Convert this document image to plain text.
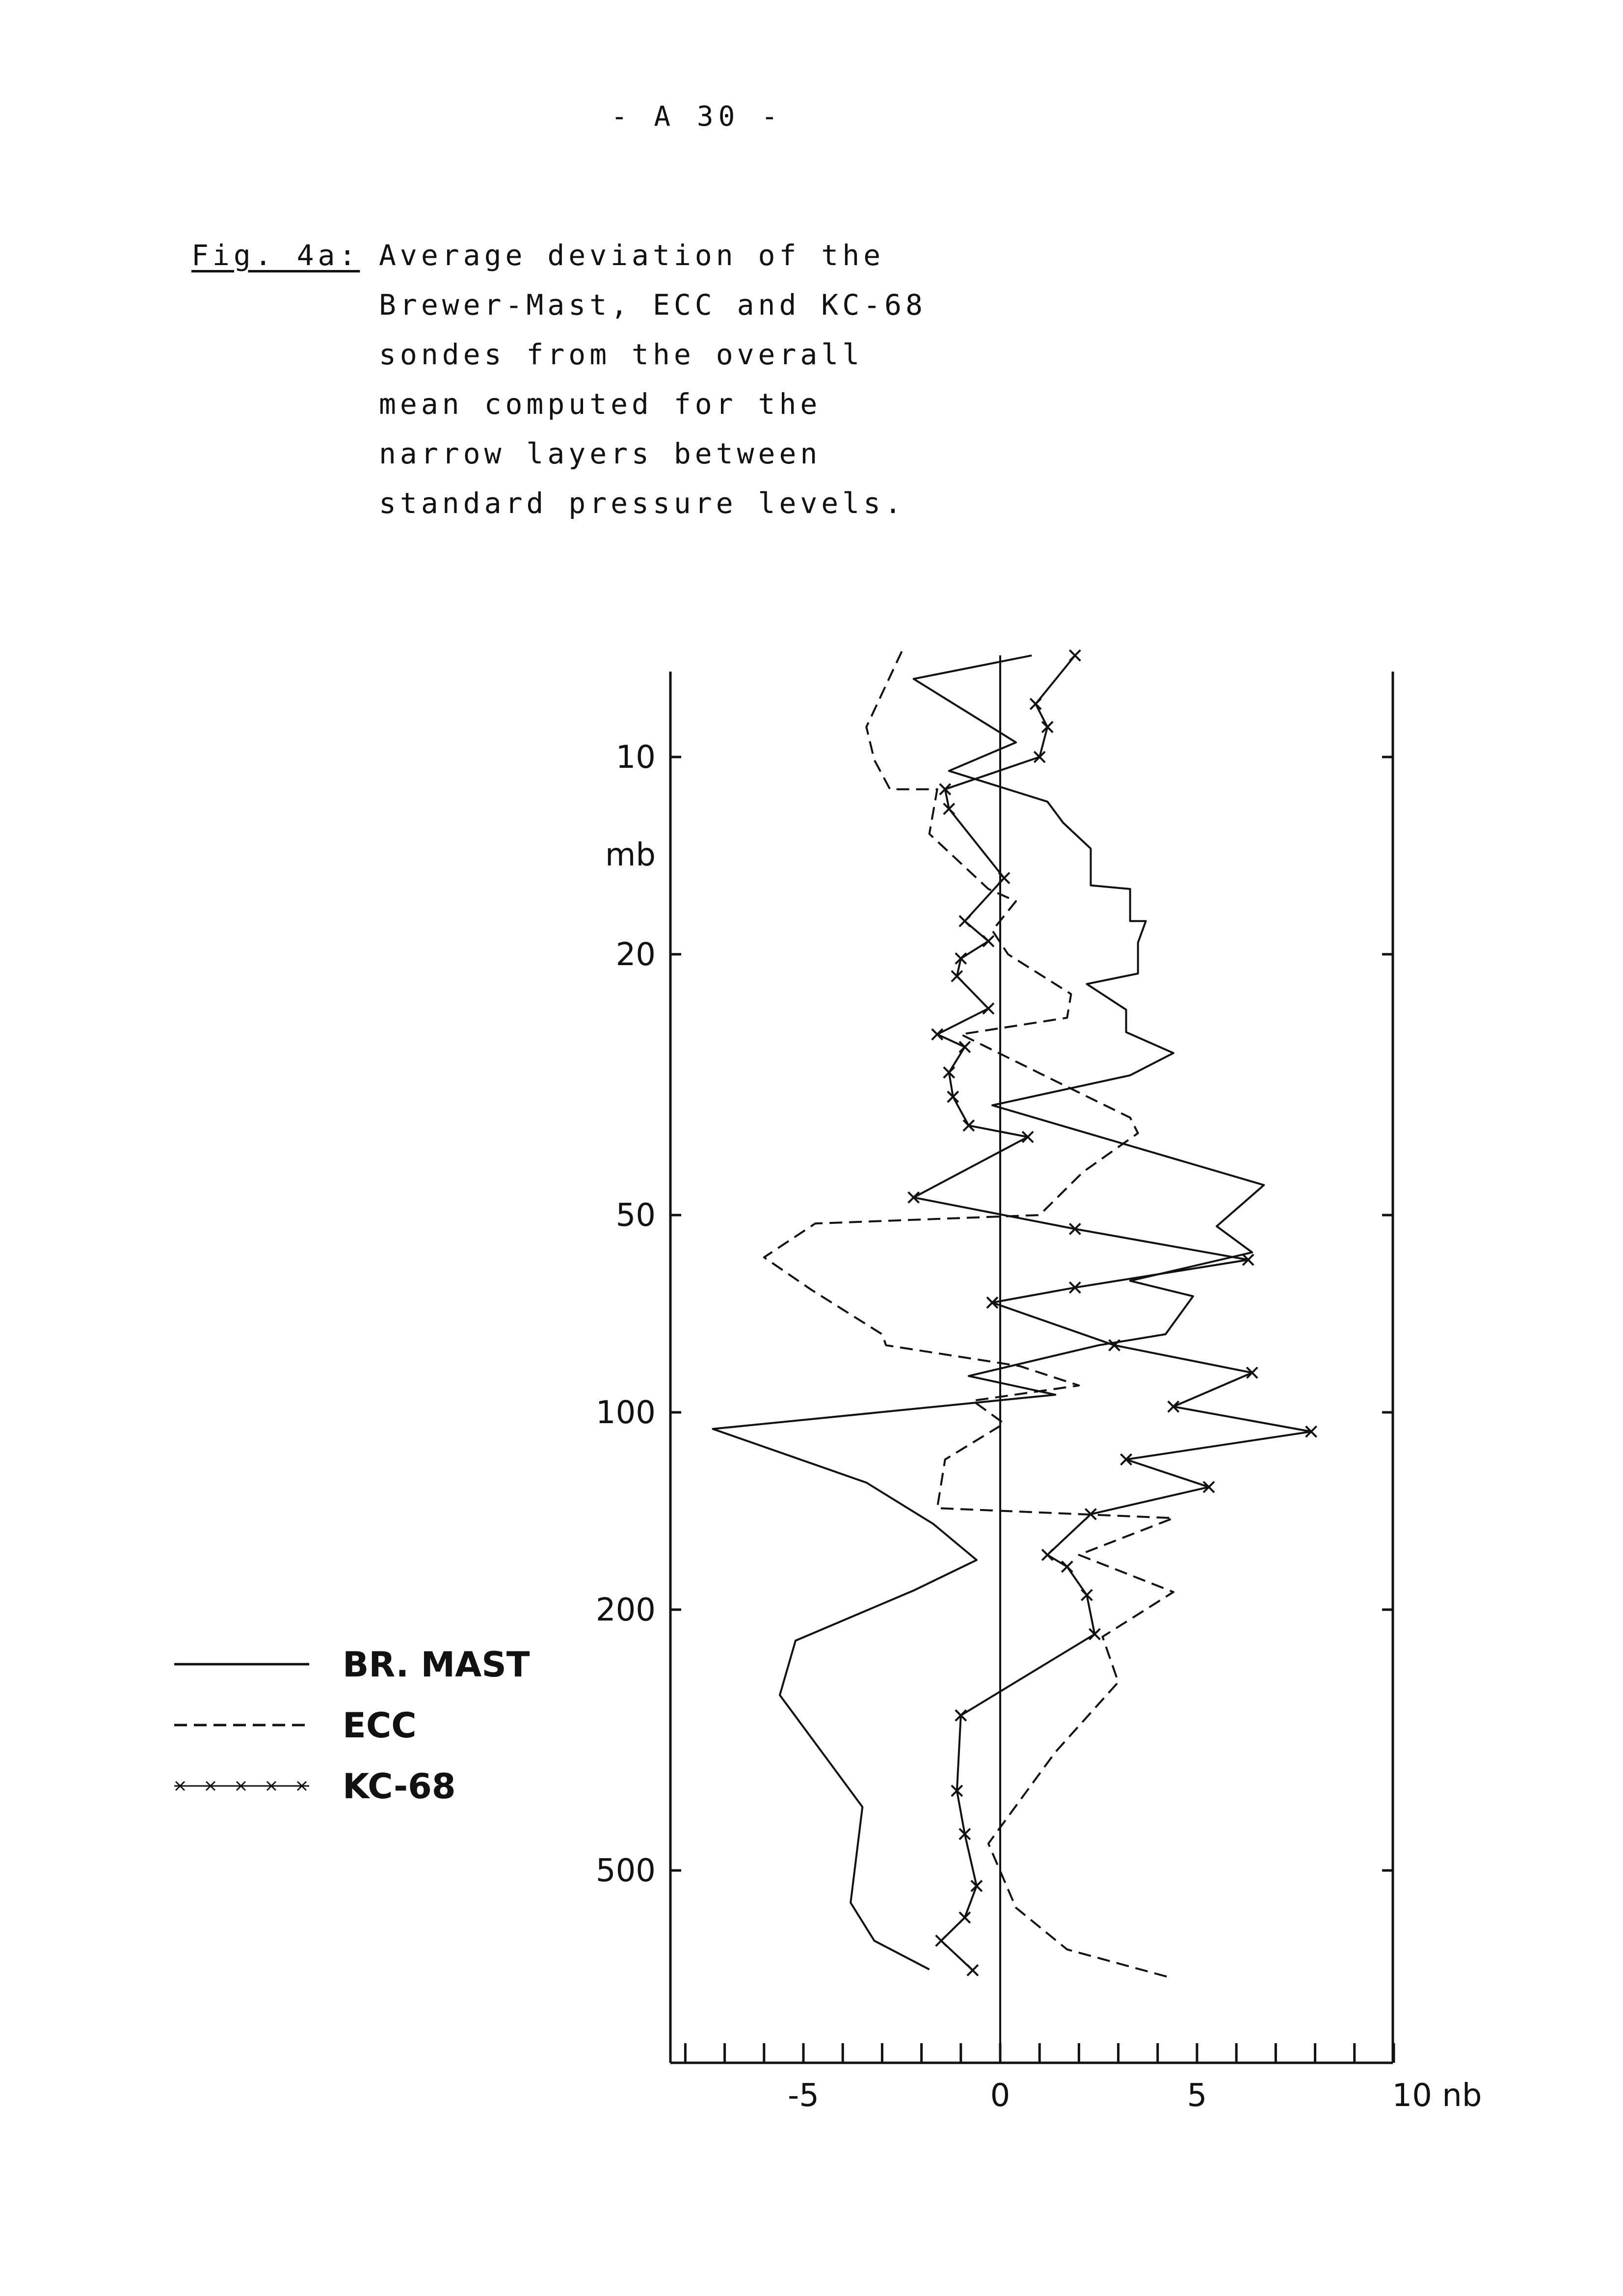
- A 30 -
Fig. 4a: Average deviation of the
Brewer-Mast, ECC and KC-68
sondes from the overall
mean computed for the
narrow layers between
standard pressure levels.
-5	0	5	10 nb
10
20
50
100
200
500
mb
BR. MAST
ECC
KC-68
